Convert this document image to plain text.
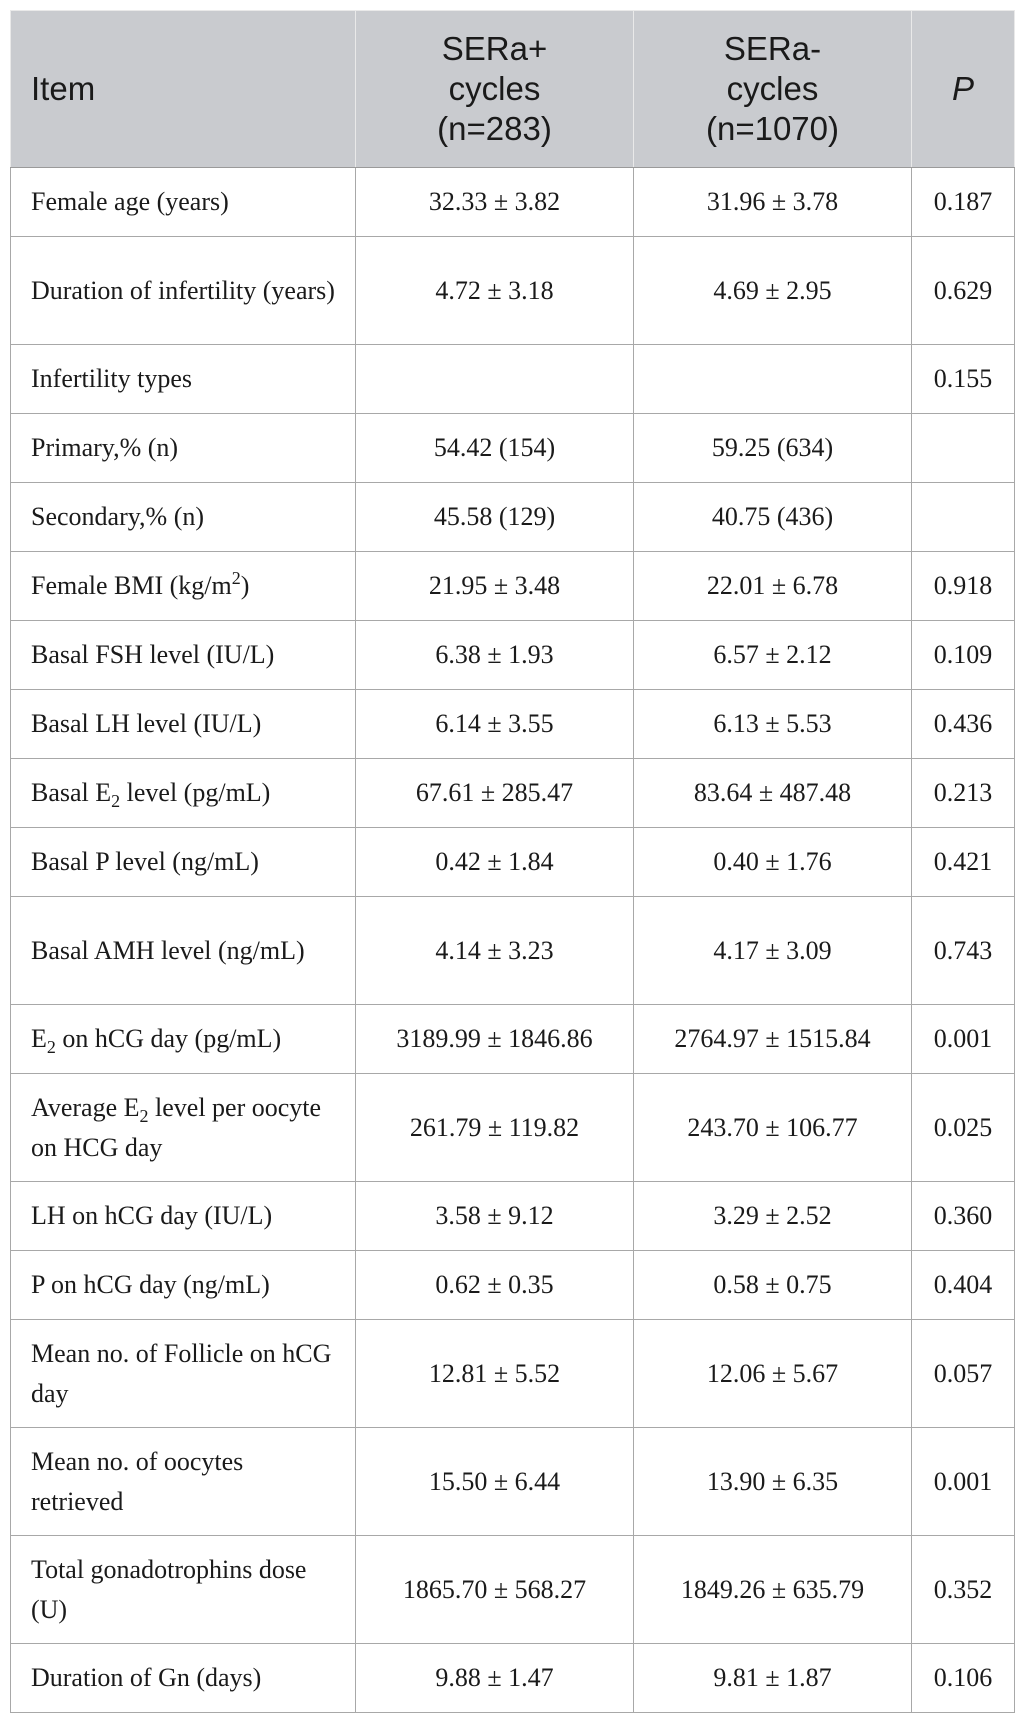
Item	SERa+
cycles
(n=283)	SERa-
cycles
(n=1070)	P
Female age (years)	32.33 ± 3.82	31.96 ± 3.78	0.187
Duration of infertility (years)	4.72 ± 3.18	4.69 ± 2.95	0.629
Infertility types			0.155
Primary,% (n)	54.42 (154)	59.25 (634)	
Secondary,% (n)	45.58 (129)	40.75 (436)	
Female BMI $(kg/m^2)$	21.95 ± 3.48	22.01 ± 6.78	0.918
Basal FSH level (IU/L)	6.38 ± 1.93	6.57 ± 2.12	0.109
Basal LH level (IU/L)	6.14 ± 3.55	6.13 ± 5.53	0.436
Basal $E_2$ level (pg/mL)	67.61 ± 285.47	83.64 ± 487.48	0.213
Basal P level (ng/mL)	0.42 ± 1.84	0.40 ± 1.76	0.421
Basal AMH level (ng/mL)	4.14 ± 3.23	4.17 ± 3.09	0.743
$E_2$ on hCG day (pg/mL)	3189.99 ± 1846.86	2764.97 ± 1515.84	0.001
Average $E_2$ level per oocyte on HCG day	261.79 ± 119.82	243.70 ± 106.77	0.025
LH on hCG day (IU/L)	3.58 ± 9.12	3.29 ± 2.52	0.360
P on hCG day (ng/mL)	0.62 ± 0.35	0.58 ± 0.75	0.404
Mean no. of Follicle on hCG day	12.81 ± 5.52	12.06 ± 5.67	0.057
Mean no. of oocytes retrieved	15.50 ± 6.44	13.90 ± 6.35	0.001
Total gonadotrophins dose (U)	1865.70 ± 568.27	1849.26 ± 635.79	0.352
Duration of Gn (days)	9.88 ± 1.47	9.81 ± 1.87	0.106
